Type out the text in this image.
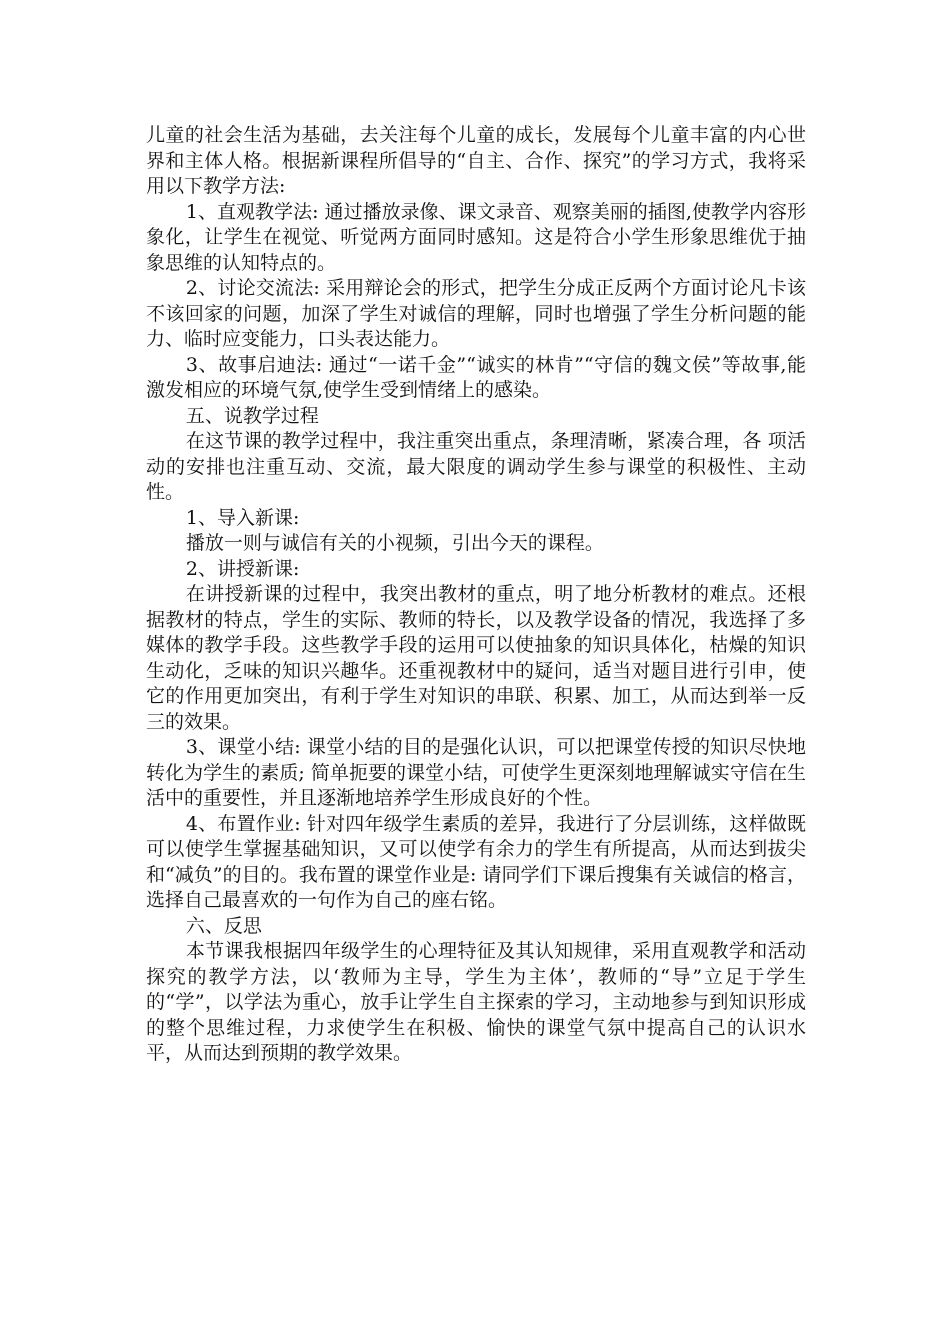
儿童的社会生活为基础，去关注每个儿童的成长，发展每个儿童丰富的内心世界和主体人格。根据新课程所倡导的“自主、合作、探究”的学习方式，我将采用以下教学方法:

1、直观教学法: 通过播放录像、课文录音、观察美丽的插图,使教学内容形象化，让学生在视觉、听觉两方面同时感知。这是符合小学生形象思维优于抽象思维的认知特点的。

2、讨论交流法: 采用辩论会的形式，把学生分成正反两个方面讨论凡卡该不该回家的问题，加深了学生对诚信的理解，同时也增强了学生分析问题的能力、临时应变能力，口头表达能力。

3、故事启迪法: 通过“一诺千金”“诚实的林肯”“守信的魏文侯”等故事,能激发相应的环境气氛,使学生受到情绪上的感染。

五、说教学过程

在这节课的教学过程中，我注重突出重点，条理清晰，紧凑合理，各 项活动的安排也注重互动、交流，最大限度的调动学生参与课堂的积极性、主动性。

1、导入新课:

播放一则与诚信有关的小视频，引出今天的课程。

2、讲授新课:

在讲授新课的过程中，我突出教材的重点，明了地分析教材的难点。还根据教材的特点，学生的实际、教师的特长，以及教学设备的情况，我选择了多媒体的教学手段。这些教学手段的运用可以使抽象的知识具体化，枯燥的知识生动化，乏味的知识兴趣华。还重视教材中的疑问，适当对题目进行引申，使它的作用更加突出，有利于学生对知识的串联、积累、加工，从而达到举一反三的效果。

3、课堂小结: 课堂小结的目的是强化认识，可以把课堂传授的知识尽快地转化为学生的素质; 简单扼要的课堂小结，可使学生更深刻地理解诚实守信在生活中的重要性，并且逐渐地培养学生形成良好的个性。

4、布置作业: 针对四年级学生素质的差异，我进行了分层训练，这样做既可以使学生掌握基础知识，又可以使学有余力的学生有所提高，从而达到拔尖和“减负”的目的。我布置的课堂作业是: 请同学们下课后搜集有关诚信的格言，选择自己最喜欢的一句作为自己的座右铭。

六、反思

本节课我根据四年级学生的心理特征及其认知规律，采用直观教学和活动探究的教学方法，以‘教师为主导，学生为主体’，教师的“导”立足于学生的“学”，以学法为重心，放手让学生自主探索的学习，主动地参与到知识形成的整个思维过程，力求使学生在积极、愉快的课堂气氛中提高自己的认识水平，从而达到预期的教学效果。
